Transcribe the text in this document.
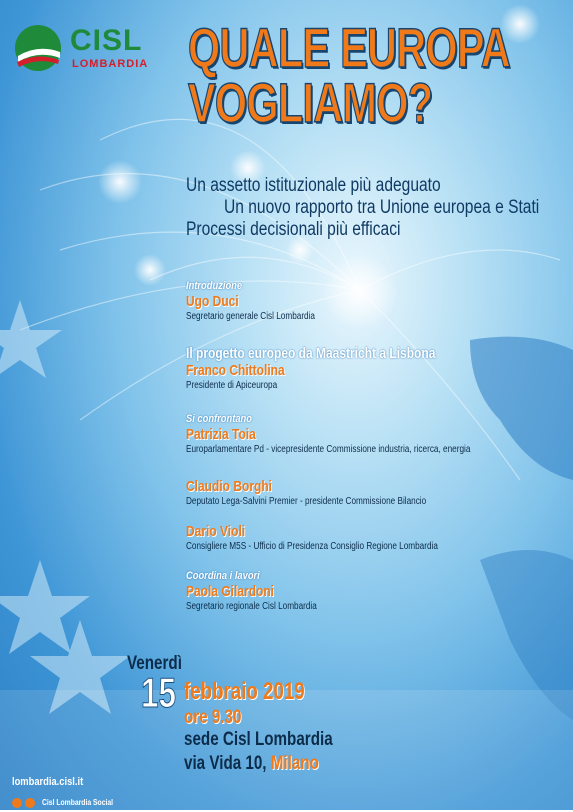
CISL
LOMBARDIA QUALE EUROPA
VOGLIAMO?
Un assetto istituzionale più adeguato
Un nuovo rapporto tra Unione europea e Stati
Processi decisionali più efficaci
Introduzione
Ugo Duci
Segretario generale Cisl Lombardia
Il progetto europeo da Maastricht a Lisbona
Franco Chittolina
Presidente di Apiceuropa
Si confrontano
Patrizia Toia
Europarlamentare Pd - vicepresidente Commissione industria, ricerca, energia
Claudio Borghi
Deputato Lega-Salvini Premier - presidente Commissione Bilancio
Dario Violi
Consigliere M5S - Ufficio di Presidenza Consiglio Regione Lombardia
Coordina i lavori
Paola Gilardoni
Segretario regionale Cisl Lombardia
Venerdì
15 febbraio 2019
ore 9.30
sede Cisl Lombardia
via Vida 10, Milano
lombardia.cisl.it
Cisl Lombardia Social
